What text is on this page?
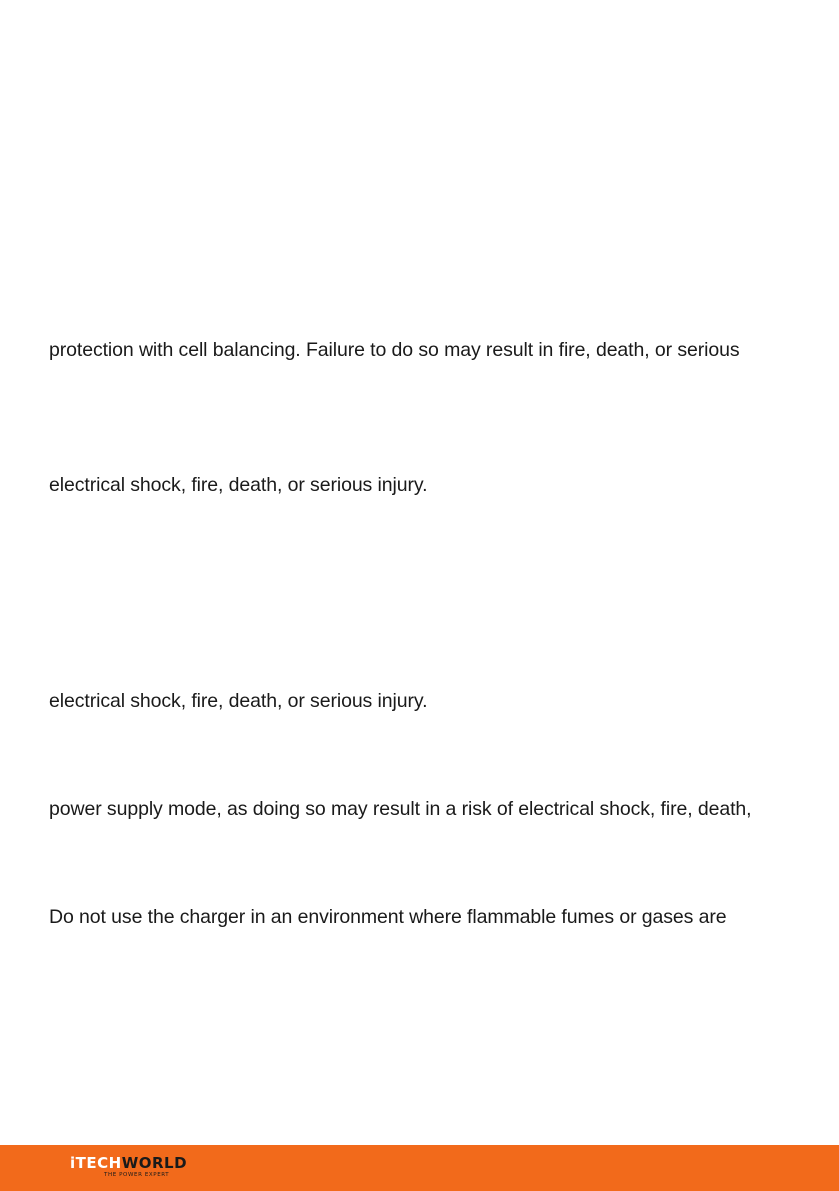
protection with cell balancing. Failure to do so may result in fire, death, or serious
electrical shock, fire, death, or serious injury.
electrical shock, fire, death, or serious injury.
power supply mode, as doing so may result in a risk of electrical shock, fire, death,
Do not use the charger in an environment where flammable fumes or gases are
iTECHWORLD
THE POWER EXPERT
